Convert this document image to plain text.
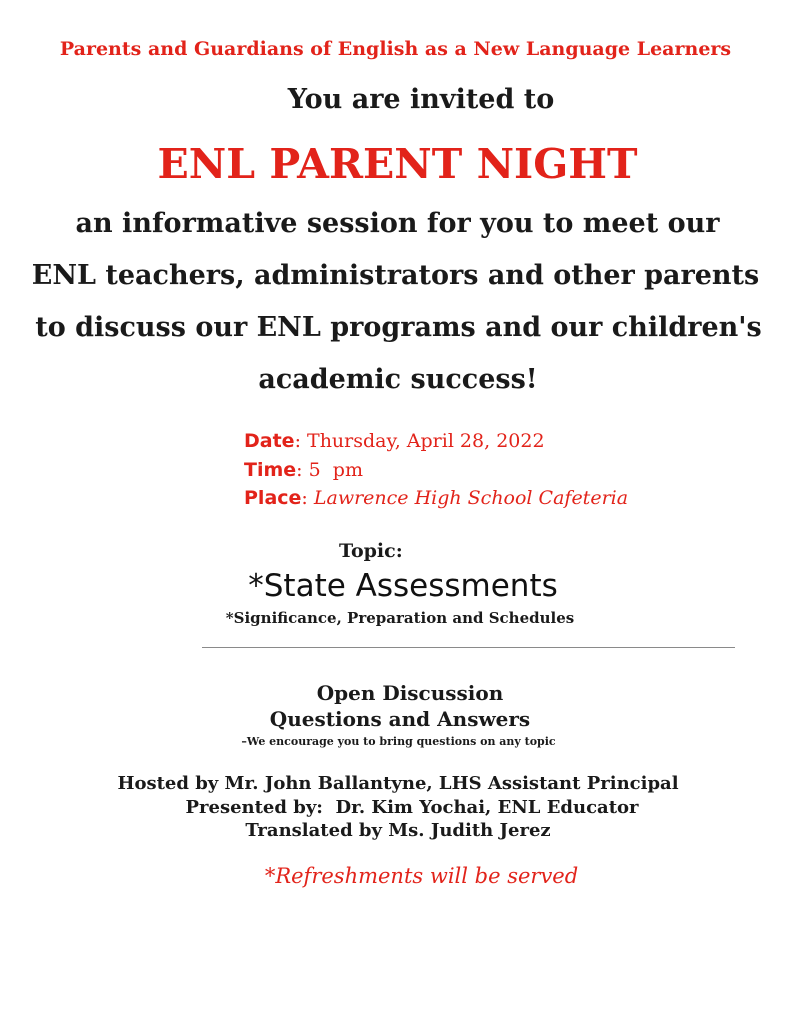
Parents and Guardians of English as a New Language Learners
You are invited to
ENL PARENT NIGHT
an informative session for you to meet our
ENL teachers, administrators and other parents
to discuss our ENL programs and our children's
academic success!
Date: Thursday, April 28, 2022
Time: 5  pm
Place: Lawrence High School Cafeteria
Topic:
*State Assessments
*Significance, Preparation and Schedules
Open Discussion
Questions and Answers
–We encourage you to bring questions on any topic
Hosted by Mr. John Ballantyne, LHS Assistant Principal
Presented by:  Dr. Kim Yochai, ENL Educator
Translated by Ms. Judith Jerez
*Refreshments will be served
